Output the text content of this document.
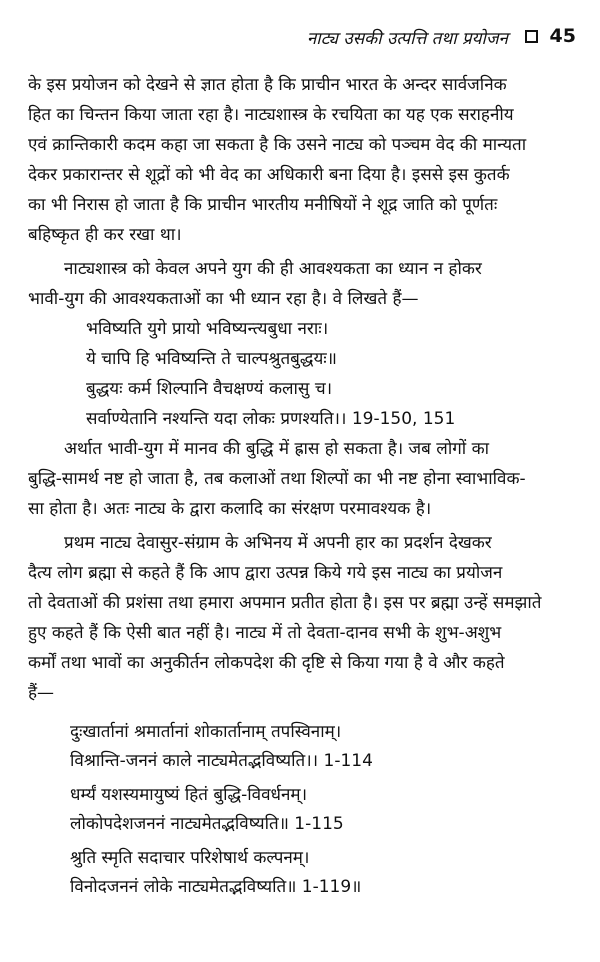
नाट्य उसकी उत्पत्ति तथा प्रयोजन 45
के इस प्रयोजन को देखने से ज्ञात होता है कि प्राचीन भारत के अन्दर सार्वजनिक
हित का चिन्तन किया जाता रहा है। नाट्यशास्त्र के रचयिता का यह एक सराहनीय
एवं क्रान्तिकारी कदम कहा जा सकता है कि उसने नाट्य को पञ्चम वेद की मान्यता
देकर प्रकारान्तर से शूद्रों को भी वेद का अधिकारी बना दिया है। इससे इस कुतर्क
का भी निरास हो जाता है कि प्राचीन भारतीय मनीषियों ने शूद्र जाति को पूर्णतः
बहिष्कृत ही कर रखा था।
नाट्यशास्त्र को केवल अपने युग की ही आवश्यकता का ध्यान न होकर
भावी-युग की आवश्यकताओं का भी ध्यान रहा है। वे लिखते हैं—
भविष्यति युगे प्रायो भविष्यन्त्यबुधा नराः।
ये चापि हि भविष्यन्ति ते चाल्पश्रुतबुद्धयः॥
बुद्धयः कर्म शिल्पानि वैचक्षण्यं कलासु च।
सर्वाण्येतानि नश्यन्ति यदा लोकः प्रणश्यति।। 19-150, 151
अर्थात भावी-युग में मानव की बुद्धि में ह्रास हो सकता है। जब लोगों का
बुद्धि-सामर्थ नष्ट हो जाता है, तब कलाओं तथा शिल्पों का भी नष्ट होना स्वाभाविक-
सा होता है। अतः नाट्य के द्वारा कलादि का संरक्षण परमावश्यक है।
प्रथम नाट्य देवासुर-संग्राम के अभिनय में अपनी हार का प्रदर्शन देखकर
दैत्य लोग ब्रह्मा से कहते हैं कि आप द्वारा उत्पन्न किये गये इस नाट्य का प्रयोजन
तो देवताओं की प्रशंसा तथा हमारा अपमान प्रतीत होता है। इस पर ब्रह्मा उन्हें समझाते
हुए कहते हैं कि ऐसी बात नहीं है। नाट्य में तो देवता-दानव सभी के शुभ-अशुभ
कर्मों तथा भावों का अनुकीर्तन लोकपदेश की दृष्टि से किया गया है वे और कहते
हैं—
दुःखार्तानां श्रमार्तानां शोकार्तानाम् तपस्विनाम्।
विश्रान्ति-जननं काले नाट्यमेतद्भविष्यति।। 1-114
धर्म्यं यशस्यमायुष्यं हितं बुद्धि-विवर्धनम्।
लोकोपदेशजननं नाट्यमेतद्भविष्यति॥ 1-115
श्रुति स्मृति सदाचार परिशेषार्थ कल्पनम्।
विनोदजननं लोके नाट्यमेतद्भविष्यति॥ 1-119॥
